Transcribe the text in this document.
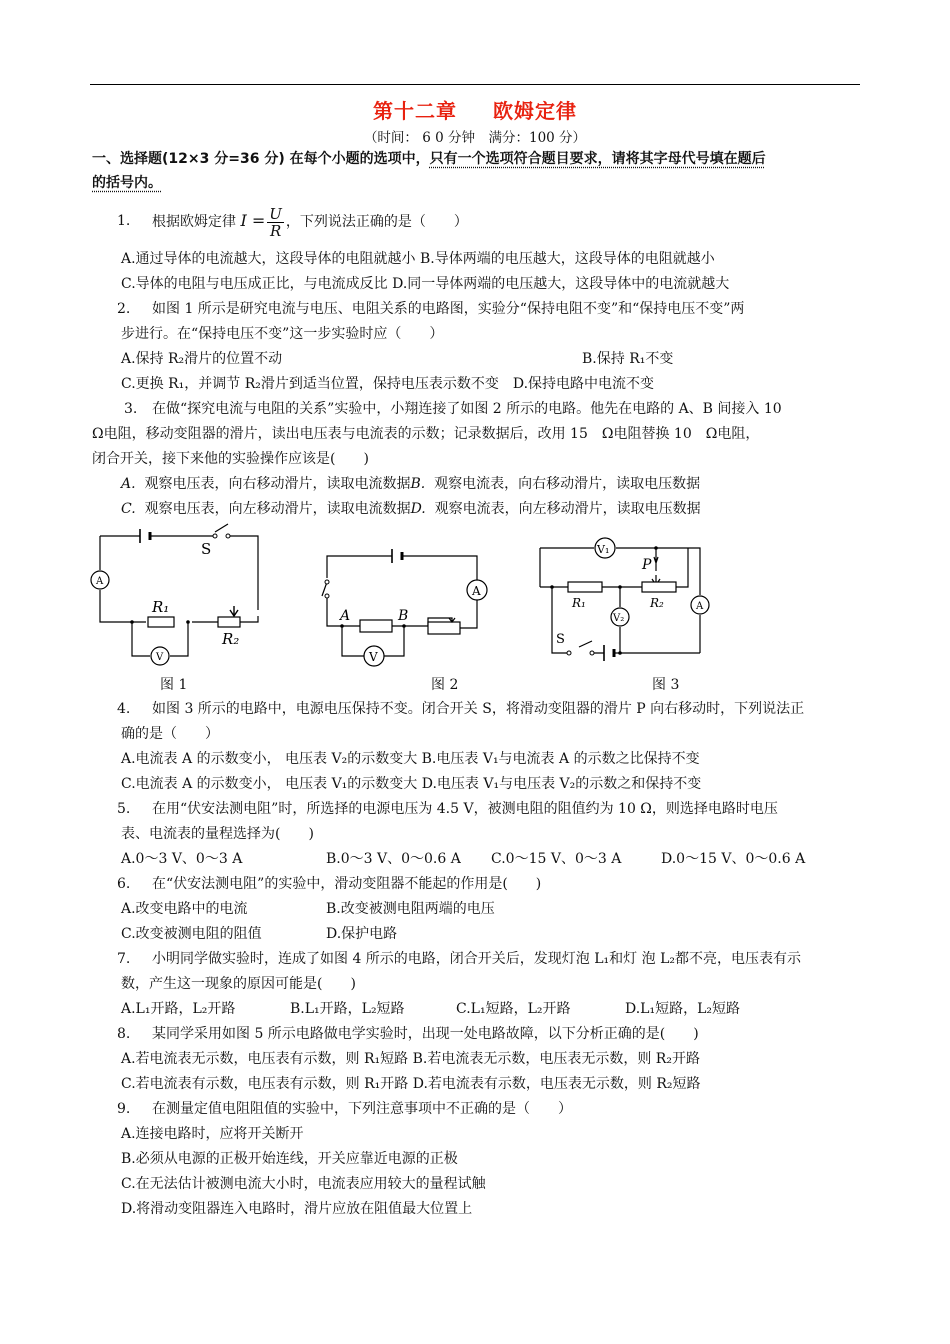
第十二章 欧姆定律
（时间： 6 0 分钟　满分：100 分）
一、选择题(12×3 分=36 分) 在每个小题的选项中，只有一个选项符合题目要求，请将其字母代号填在题后
的括号内。
1. 根据欧姆定律 $I = \frac{U}{R}$ ，下列说法正确的是（　　）
A.通过导体的电流越大，这段导体的电阻就越小 B.导体两端的电压越大，这段导体的电阻就越小
C.导体的电阻与电压成正比，与电流成反比 D.同一导体两端的电压越大，这段导体中的电流就越大
2. 如图 1 所示是研究电流与电压、电阻关系的电路图，实验分“保持电阻不变”和“保持电压不变”两
步进行。在“保持电压不变”这一步实验时应（　　）
A.保持 R₂滑片的位置不动	B.保持 R₁不变
C.更换 R₁，并调节 R₂滑片到适当位置，保持电压表示数不变　D.保持电路中电流不变
3. 在做“探究电流与电阻的关系”实验中，小翔连接了如图 2 所示的电路。他先在电路的 A、B 间接入 10
Ω电阻，移动变阻器的滑片，读出电压表与电流表的示数；记录数据后，改用 15　Ω电阻替换 10　Ω电阻，
闭合开关，接下来他的实验操作应该是(　　)
A. 观察电压表，向右移动滑片，读取电流数据B. 观察电流表，向右移动滑片，读取电压数据
C. 观察电压表，向左移动滑片，读取电流数据D. 观察电流表，向左移动滑片，读取电压数据
S
A
R₁
R₂
V
图 1
A
A	B
V
图 2
V₁
R₁
P
R₂
V₂
A
S
图 3
4. 如图 3 所示的电路中，电源电压保持不变。闭合开关 S，将滑动变阻器的滑片 P 向右移动时，下列说法正
确的是（　　）
A.电流表 A 的示数变小， 电压表 V₂的示数变大 B.电压表 V₁与电流表 A 的示数之比保持不变
C.电流表 A 的示数变小， 电压表 V₁的示数变大 D.电压表 V₁与电压表 V₂的示数之和保持不变
5. 在用“伏安法测电阻”时，所选择的电源电压为 4.5 V，被测电阻的阻值约为 10 Ω，则选择电路时电压
表、电流表的量程选择为(　　)
A.0～3 V、0～3 A	B.0～3 V、0～0.6 A C.0～15 V、0～3 A	D.0～15 V、0～0.6 A
6. 在“伏安法测电阻”的实验中，滑动变阻器不能起的作用是(　　)
A.改变电路中的电流	B.改变被测电阻两端的电压
C.改变被测电阻的阻值	D.保护电路
7. 小明同学做实验时，连成了如图 4 所示的电路，闭合开关后，发现灯泡 L₁和灯 泡 L₂都不亮，电压表有示
数，产生这一现象的原因可能是(　　)
A.L₁开路，L₂开路	B.L₁开路，L₂短路	C.L₁短路，L₂开路	D.L₁短路，L₂短路
8. 某同学采用如图 5 所示电路做电学实验时，出现一处电路故障，以下分析正确的是(　　)
A.若电流表无示数，电压表有示数，则 R₁短路 B.若电流表无示数，电压表无示数，则 R₂开路
C.若电流表有示数，电压表有示数，则 R₁开路 D.若电流表有示数，电压表无示数，则 R₂短路
9. 在测量定值电阻阻值的实验中，下列注意事项中不正确的是（　　）
A.连接电路时，应将开关断开
B.必须从电源的正极开始连线，开关应靠近电源的正极
C.在无法估计被测电流大小时，电流表应用较大的量程试触
D.将滑动变阻器连入电路时，滑片应放在阻值最大位置上
